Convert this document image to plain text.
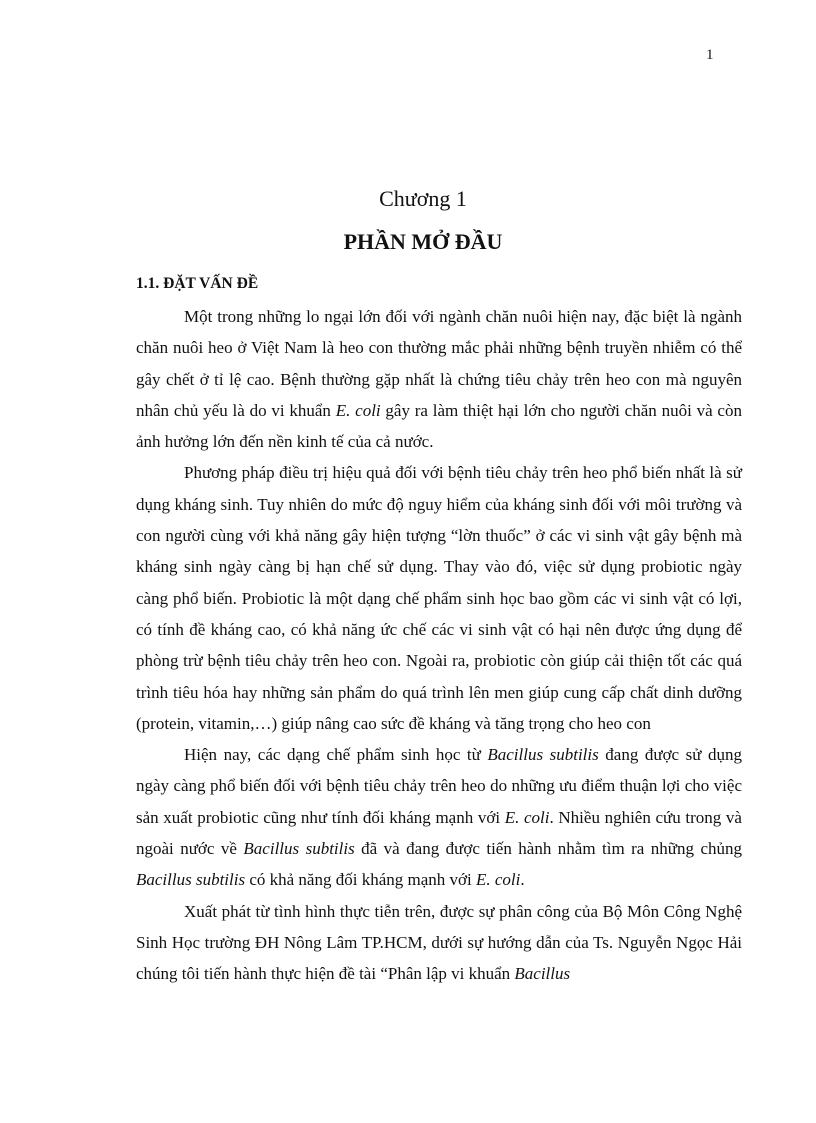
1
Chương 1
PHẦN MỞ ĐẦU
1.1. ĐẶT VẤN ĐỀ

Một trong những lo ngại lớn đối với ngành chăn nuôi hiện nay, đặc biệt là ngành chăn nuôi heo ở Việt Nam là heo con thường mắc phải những bệnh truyền nhiễm có thể gây chết ở tỉ lệ cao. Bệnh thường gặp nhất là chứng tiêu chảy trên heo con mà nguyên nhân chủ yếu là do vi khuẩn E. coli gây ra làm thiệt hại lớn cho người chăn nuôi và còn ảnh hưởng lớn đến nền kinh tế của cả nước.

Phương pháp điều trị hiệu quả đối với bệnh tiêu chảy trên heo phổ biến nhất là sử dụng kháng sinh. Tuy nhiên do mức độ nguy hiểm của kháng sinh đối với môi trường và con người cùng với khả năng gây hiện tượng “lờn thuốc” ở các vi sinh vật gây bệnh mà kháng sinh ngày càng bị hạn chế sử dụng. Thay vào đó, việc sử dụng probiotic ngày càng phổ biến. Probiotic là một dạng chế phẩm sinh học bao gồm các vi sinh vật có lợi, có tính đề kháng cao, có khả năng ức chế các vi sinh vật có hại nên được ứng dụng để phòng trừ bệnh tiêu chảy trên heo con. Ngoài ra, probiotic còn giúp cải thiện tốt các quá trình tiêu hóa hay những sản phẩm do quá trình lên men giúp cung cấp chất dinh dưỡng (protein, vitamin,…) giúp nâng cao sức đề kháng và tăng trọng cho heo con

Hiện nay, các dạng chế phẩm sinh học từ Bacillus subtilis đang được sử dụng ngày càng phổ biến đối với bệnh tiêu chảy trên heo do những ưu điểm thuận lợi cho việc sản xuất probiotic cũng như tính đối kháng mạnh với E. coli. Nhiều nghiên cứu trong và ngoài nước về Bacillus subtilis đã và đang được tiến hành nhằm tìm ra những chủng Bacillus subtilis có khả năng đối kháng mạnh với E. coli.

Xuất phát từ tình hình thực tiễn trên, được sự phân công của Bộ Môn Công Nghệ Sinh Học trường ĐH Nông Lâm TP.HCM, dưới sự hướng dẫn của Ts. Nguyễn Ngọc Hải chúng tôi tiến hành thực hiện đề tài “Phân lập vi khuẩn Bacillus
